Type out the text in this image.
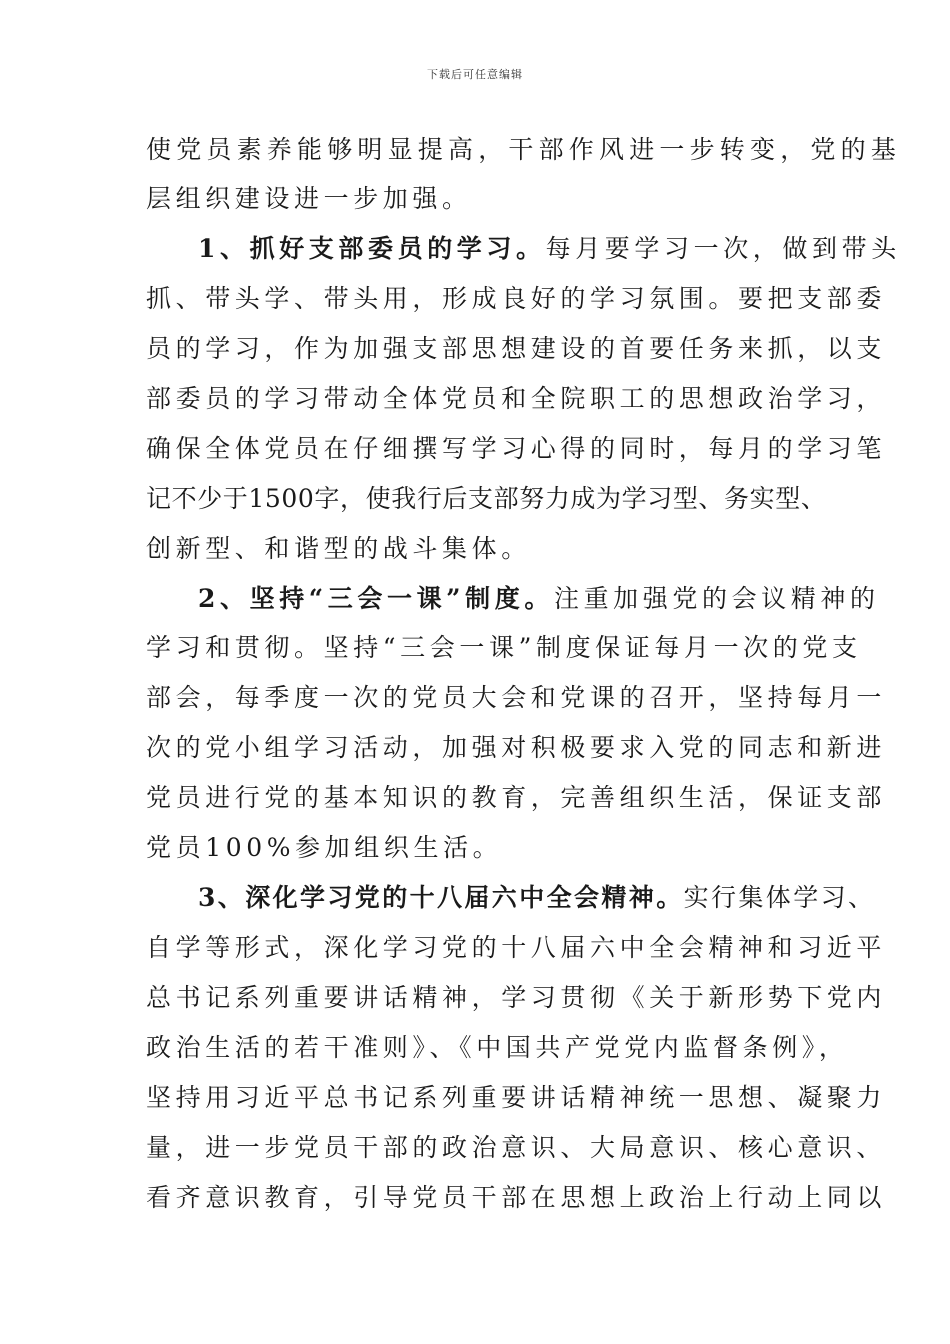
下载后可任意编辑
使党员素养能够明显提高，干部作风进一步转变，党的基
层组织建设进一步加强。
1、抓好支部委员的学习。每月要学习一次，做到带头
抓、带头学、带头用，形成良好的学习氛围。要把支部委
员的学习，作为加强支部思想建设的首要任务来抓，以支
部委员的学习带动全体党员和全院职工的思想政治学习，
确保全体党员在仔细撰写学习心得的同时，每月的学习笔
记不少于1500字，使我行后支部努力成为学习型、务实型、
创新型、和谐型的战斗集体。
2、坚持“三会一课”制度。注重加强党的会议精神的
学习和贯彻。坚持“三会一课”制度保证每月一次的党支
部会，每季度一次的党员大会和党课的召开，坚持每月一
次的党小组学习活动，加强对积极要求入党的同志和新进
党员进行党的基本知识的教育，完善组织生活，保证支部
党员100%参加组织生活。
3、深化学习党的十八届六中全会精神。实行集体学习、
自学等形式，深化学习党的十八届六中全会精神和习近平
总书记系列重要讲话精神，学习贯彻《关于新形势下党内
政治生活的若干准则》、《中国共产党党内监督条例》，
坚持用习近平总书记系列重要讲话精神统一思想、凝聚力
量，进一步党员干部的政治意识、大局意识、核心意识、
看齐意识教育，引导党员干部在思想上政治上行动上同以
